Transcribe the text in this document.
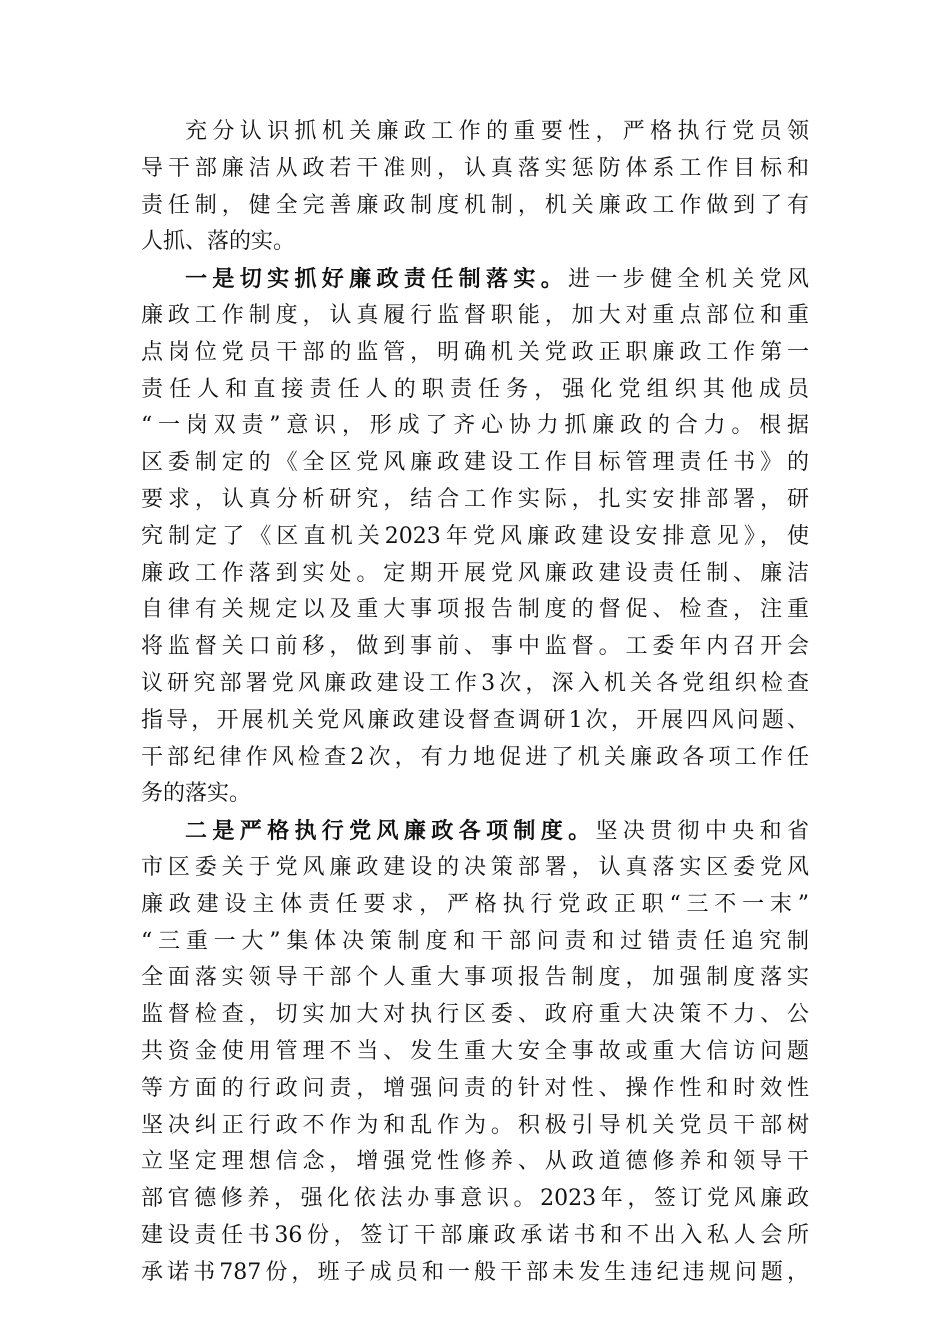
充分认识抓机关廉政工作的重要性，严格执行党员领
导干部廉洁从政若干准则，认真落实惩防体系工作目标和
责任制，健全完善廉政制度机制，机关廉政工作做到了有
人抓、落的实。
一是切实抓好廉政责任制落实。进一步健全机关党风
廉政工作制度，认真履行监督职能，加大对重点部位和重
点岗位党员干部的监管，明确机关党政正职廉政工作第一
责任人和直接责任人的职责任务，强化党组织其他成员
“一岗双责”意识，形成了齐心协力抓廉政的合力。根据
区委制定的《全区党风廉政建设工作目标管理责任书》的
要求，认真分析研究，结合工作实际，扎实安排部署，研
究制定了《区直机关2023年党风廉政建设安排意见》，使
廉政工作落到实处。定期开展党风廉政建设责任制、廉洁
自律有关规定以及重大事项报告制度的督促、检查，注重
将监督关口前移，做到事前、事中监督。工委年内召开会
议研究部署党风廉政建设工作3次，深入机关各党组织检查
指导，开展机关党风廉政建设督查调研1次，开展四风问题、
干部纪律作风检查2次，有力地促进了机关廉政各项工作任
务的落实。
二是严格执行党风廉政各项制度。坚决贯彻中央和省
市区委关于党风廉政建设的决策部署，认真落实区委党风
廉政建设主体责任要求，严格执行党政正职“三不一末”
“三重一大”集体决策制度和干部问责和过错责任追究制
全面落实领导干部个人重大事项报告制度，加强制度落实
监督检查，切实加大对执行区委、政府重大决策不力、公
共资金使用管理不当、发生重大安全事故或重大信访问题
等方面的行政问责，增强问责的针对性、操作性和时效性
坚决纠正行政不作为和乱作为。积极引导机关党员干部树
立坚定理想信念，增强党性修养、从政道德修养和领导干
部官德修养，强化依法办事意识。2023年，签订党风廉政
建设责任书36份，签订干部廉政承诺书和不出入私人会所
承诺书787份，班子成员和一般干部未发生违纪违规问题，
